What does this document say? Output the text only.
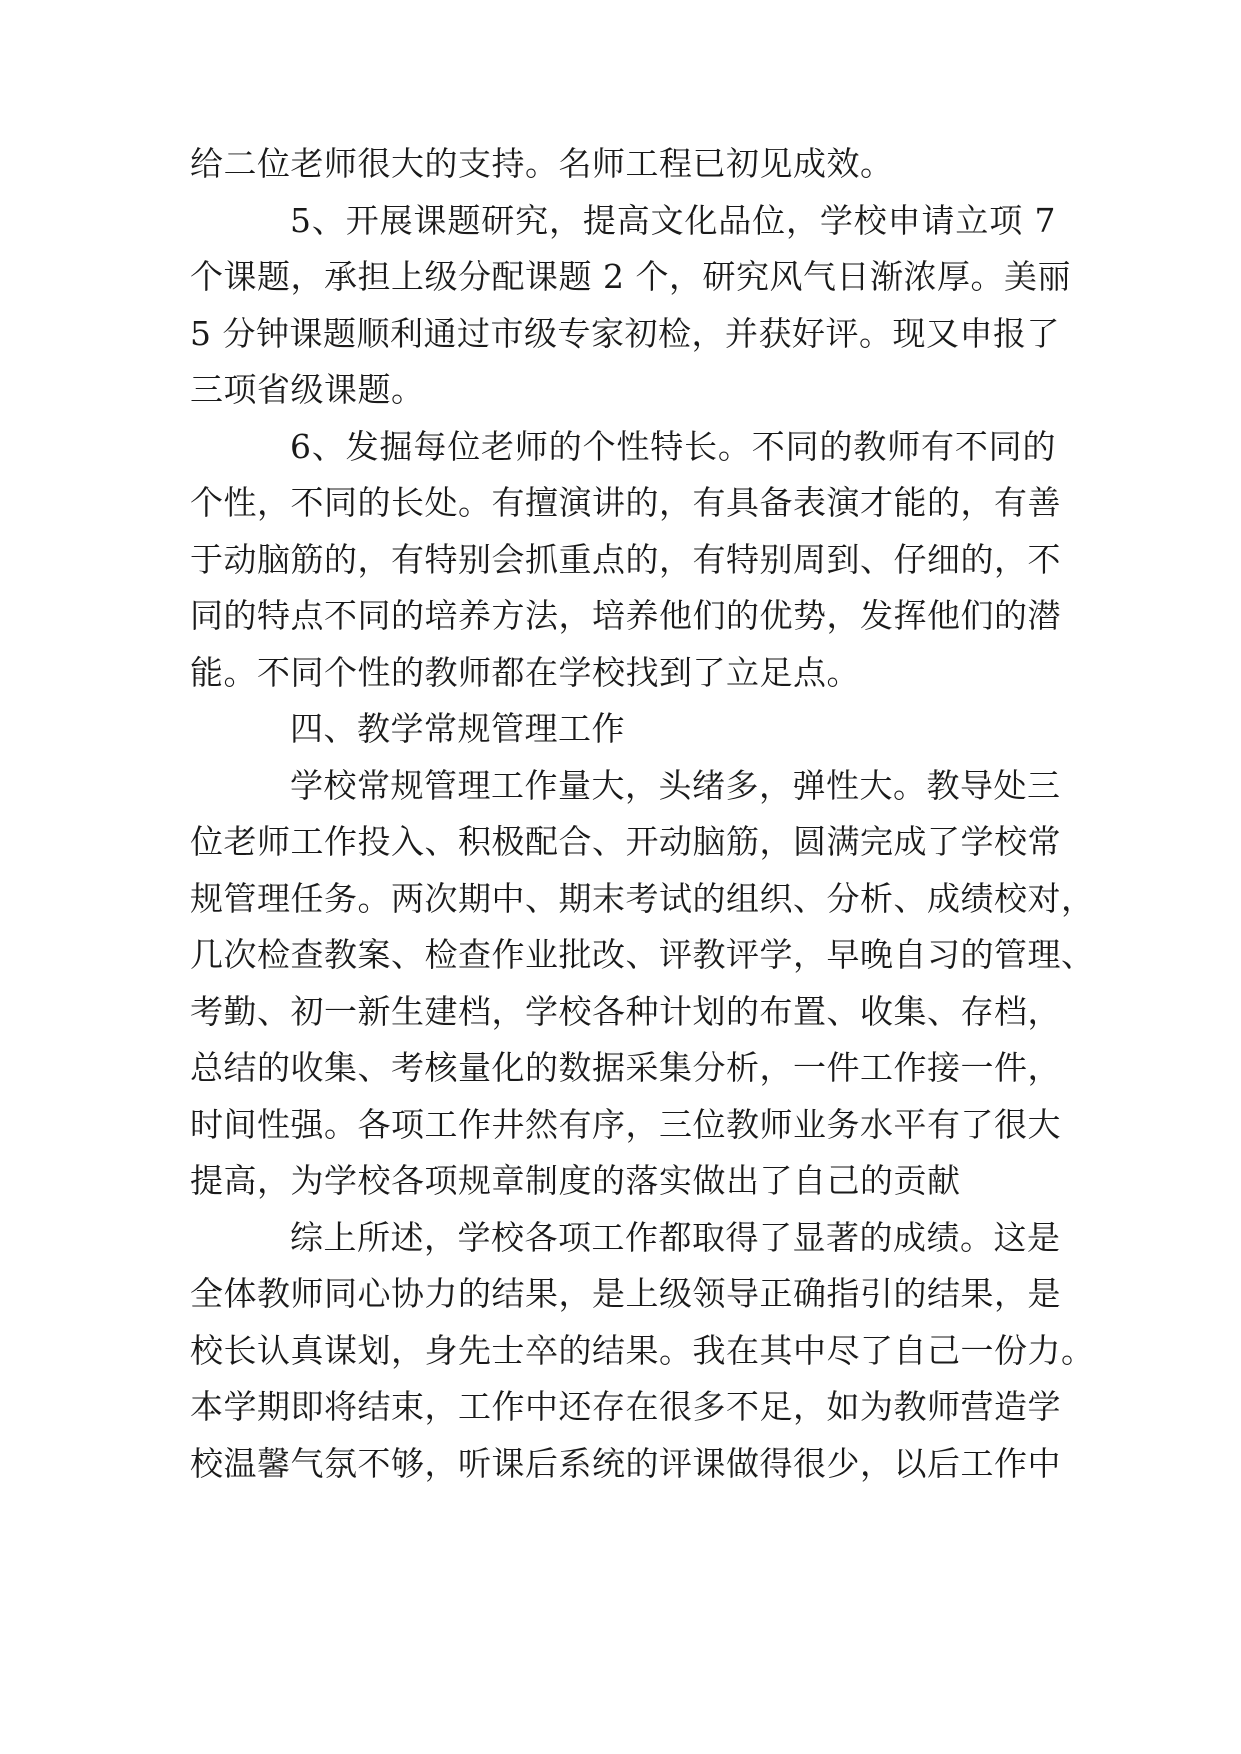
给二位老师很大的支持。名师工程已初见成效。
5、开展课题研究，提高文化品位，学校申请立项 7
个课题，承担上级分配课题 2 个，研究风气日渐浓厚。美丽
5 分钟课题顺利通过市级专家初检，并获好评。现又申报了
三项省级课题。
6、发掘每位老师的个性特长。不同的教师有不同的
个性，不同的长处。有擅演讲的，有具备表演才能的，有善
于动脑筋的，有特别会抓重点的，有特别周到、仔细的，不
同的特点不同的培养方法，培养他们的优势，发挥他们的潜
能。不同个性的教师都在学校找到了立足点。
四、教学常规管理工作
学校常规管理工作量大，头绪多，弹性大。教导处三
位老师工作投入、积极配合、开动脑筋，圆满完成了学校常
规管理任务。两次期中、期末考试的组织、分析、成绩校对，
几次检查教案、检查作业批改、评教评学，早晚自习的管理、
考勤、初一新生建档，学校各种计划的布置、收集、存档，
总结的收集、考核量化的数据采集分析，一件工作接一件，
时间性强。各项工作井然有序，三位教师业务水平有了很大
提高，为学校各项规章制度的落实做出了自己的贡献
综上所述，学校各项工作都取得了显著的成绩。这是
全体教师同心协力的结果，是上级领导正确指引的结果，是
校长认真谋划，身先士卒的结果。我在其中尽了自己一份力。
本学期即将结束，工作中还存在很多不足，如为教师营造学
校温馨气氛不够，听课后系统的评课做得很少，以后工作中
